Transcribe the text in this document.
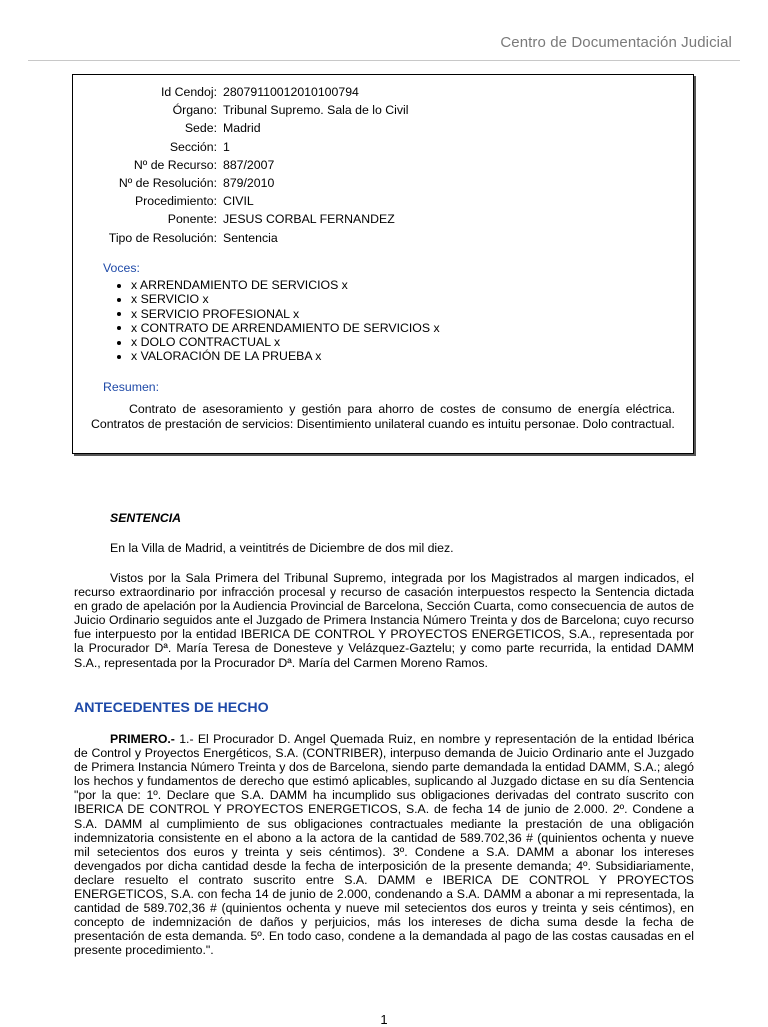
Centro de Documentación Judicial
Id Cendoj: 28079110012010100794
Órgano: Tribunal Supremo. Sala de lo Civil
Sede: Madrid
Sección: 1
Nº de Recurso: 887/2007
Nº de Resolución: 879/2010
Procedimiento: CIVIL
Ponente: JESUS CORBAL FERNANDEZ
Tipo de Resolución: Sentencia
Voces:
x ARRENDAMIENTO DE SERVICIOS x
x SERVICIO x
x SERVICIO PROFESIONAL x
x CONTRATO DE ARRENDAMIENTO DE SERVICIOS x
x DOLO CONTRACTUAL x
x VALORACIÓN DE LA PRUEBA x
Resumen:
Contrato de asesoramiento y gestión para ahorro de costes de consumo de energía eléctrica. Contratos de prestación de servicios: Disentimiento unilateral cuando es intuitu personae. Dolo contractual.
SENTENCIA
En la Villa de Madrid, a veintitrés de Diciembre de dos mil diez.
Vistos por la Sala Primera del Tribunal Supremo, integrada por los Magistrados al margen indicados, el recurso extraordinario por infracción procesal y recurso de casación interpuestos respecto la Sentencia dictada en grado de apelación por la Audiencia Provincial de Barcelona, Sección Cuarta, como consecuencia de autos de Juicio Ordinario seguidos ante el Juzgado de Primera Instancia Número Treinta y dos de Barcelona; cuyo recurso fue interpuesto por la entidad IBERICA DE CONTROL Y PROYECTOS ENERGETICOS, S.A., representada por la Procurador Dª. María Teresa de Donesteve y Velázquez-Gaztelu; y como parte recurrida, la entidad DAMM S.A., representada por la Procurador Dª. María del Carmen Moreno Ramos.
ANTECEDENTES DE HECHO
PRIMERO.- 1.- El Procurador D. Angel Quemada Ruiz, en nombre y representación de la entidad Ibérica de Control y Proyectos Energéticos, S.A. (CONTRIBER), interpuso demanda de Juicio Ordinario ante el Juzgado de Primera Instancia Número Treinta y dos de Barcelona, siendo parte demandada la entidad DAMM, S.A.; alegó los hechos y fundamentos de derecho que estimó aplicables, suplicando al Juzgado dictase en su día Sentencia "por la que: 1º. Declare que S.A. DAMM ha incumplido sus obligaciones derivadas del contrato suscrito con IBERICA DE CONTROL Y PROYECTOS ENERGETICOS, S.A. de fecha 14 de junio de 2.000. 2º. Condene a S.A. DAMM al cumplimiento de sus obligaciones contractuales mediante la prestación de una obligación indemnizatoria consistente en el abono a la actora de la cantidad de 589.702,36 # (quinientos ochenta y nueve mil setecientos dos euros y treinta y seis céntimos). 3º. Condene a S.A. DAMM a abonar los intereses devengados por dicha cantidad desde la fecha de interposición de la presente demanda; 4º. Subsidiariamente, declare resuelto el contrato suscrito entre S.A. DAMM e IBERICA DE CONTROL Y PROYECTOS ENERGETICOS, S.A. con fecha 14 de junio de 2.000, condenando a S.A. DAMM a abonar a mi representada, la cantidad de 589.702,36 # (quinientos ochenta y nueve mil setecientos dos euros y treinta y seis céntimos), en concepto de indemnización de daños y perjuicios, más los intereses de dicha suma desde la fecha de presentación de esta demanda. 5º. En todo caso, condene a la demandada al pago de las costas causadas en el presente procedimiento.".
1
